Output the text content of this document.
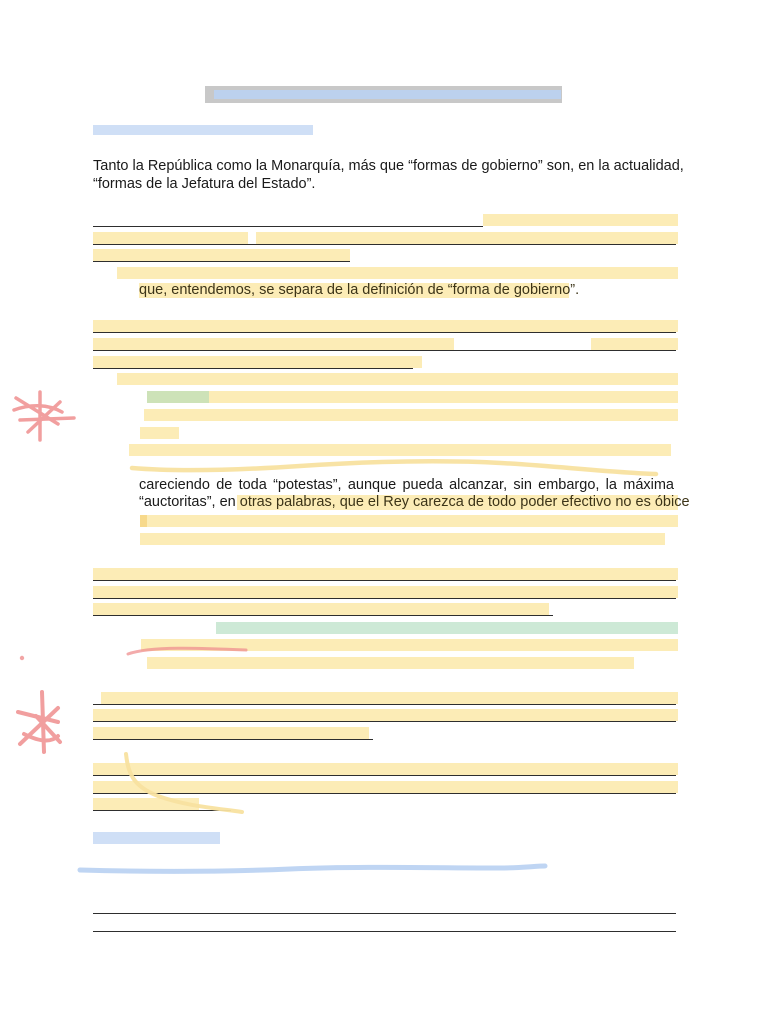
Tanto la República como la Monarquía, más que “formas de gobierno” son, en la actualidad,
“formas de la Jefatura del Estado”.
que, entendemos, se separa de la definición de “forma de gobierno”.
careciendo de toda “potestas”, aunque pueda alcanzar, sin embargo, la máxima
“auctoritas”, en otras palabras, que el Rey carezca de todo poder efectivo no es óbice
